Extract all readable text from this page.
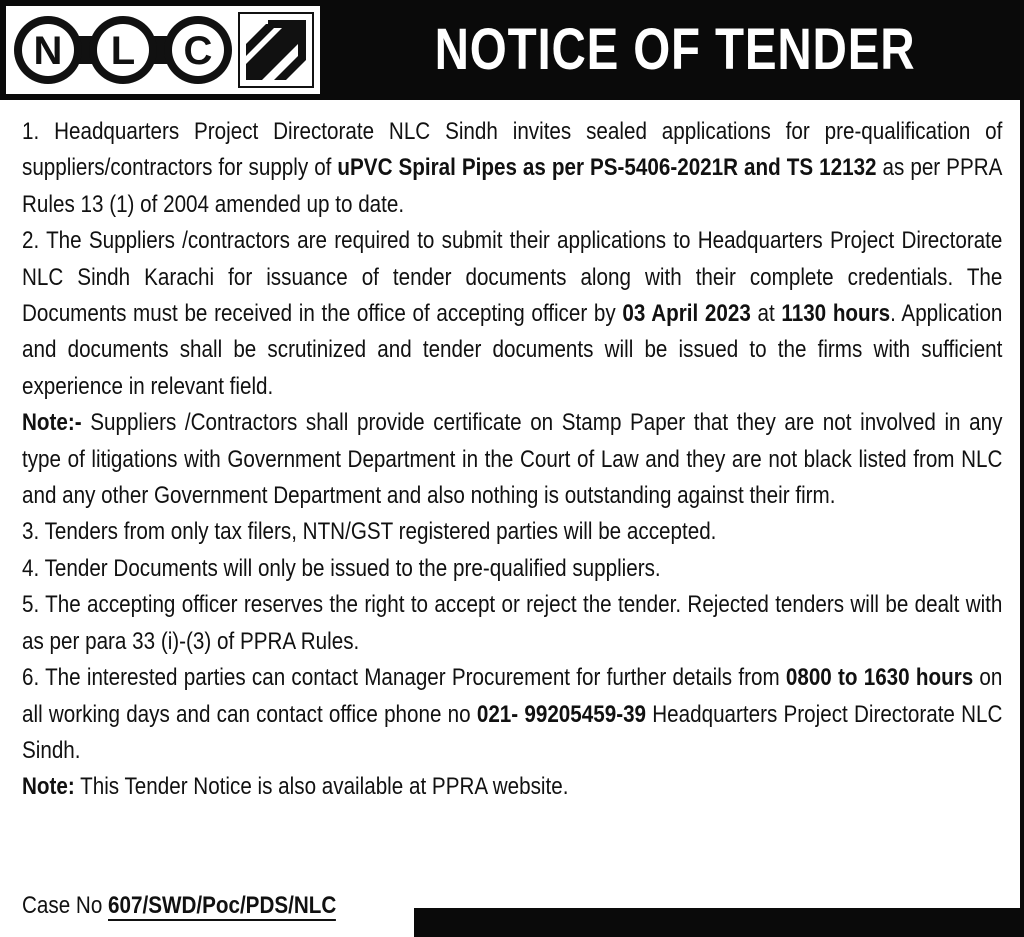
N L C	NOTICE OF TENDER

1. Headquarters Project Directorate NLC Sindh invites sealed applications for pre-qualification of suppliers/contractors for supply of uPVC Spiral Pipes as per PS-5406-2021R and TS 12132 as per PPRA Rules 13 (1) of 2004 amended up to date.

2. The Suppliers /contractors are required to submit their applications to Headquarters Project Directorate NLC Sindh Karachi for issuance of tender documents along with their complete credentials. The Documents must be received in the office of accepting officer by 03 April 2023 at 1130 hours. Application and documents shall be scrutinized and tender documents will be issued to the firms with sufficient experience in relevant field.

Note:- Suppliers /Contractors shall provide certificate on Stamp Paper that they are not involved in any type of litigations with Government Department in the Court of Law and they are not black listed from NLC and any other Government Department and also nothing is outstanding against their firm.

3. Tenders from only tax filers, NTN/GST registered parties will be accepted.

4. Tender Documents will only be issued to the pre-qualified suppliers.

5. The accepting officer reserves the right to accept or reject the tender. Rejected tenders will be dealt with as per para 33 (i)-(3) of PPRA Rules.

6. The interested parties can contact Manager Procurement for further details from 0800 to 1630 hours on all working days and can contact office phone no 021- 99205459-39 Headquarters Project Directorate NLC Sindh.

Note: This Tender Notice is also available at PPRA website.

Case No 607/SWD/Poc/PDS/NLC
